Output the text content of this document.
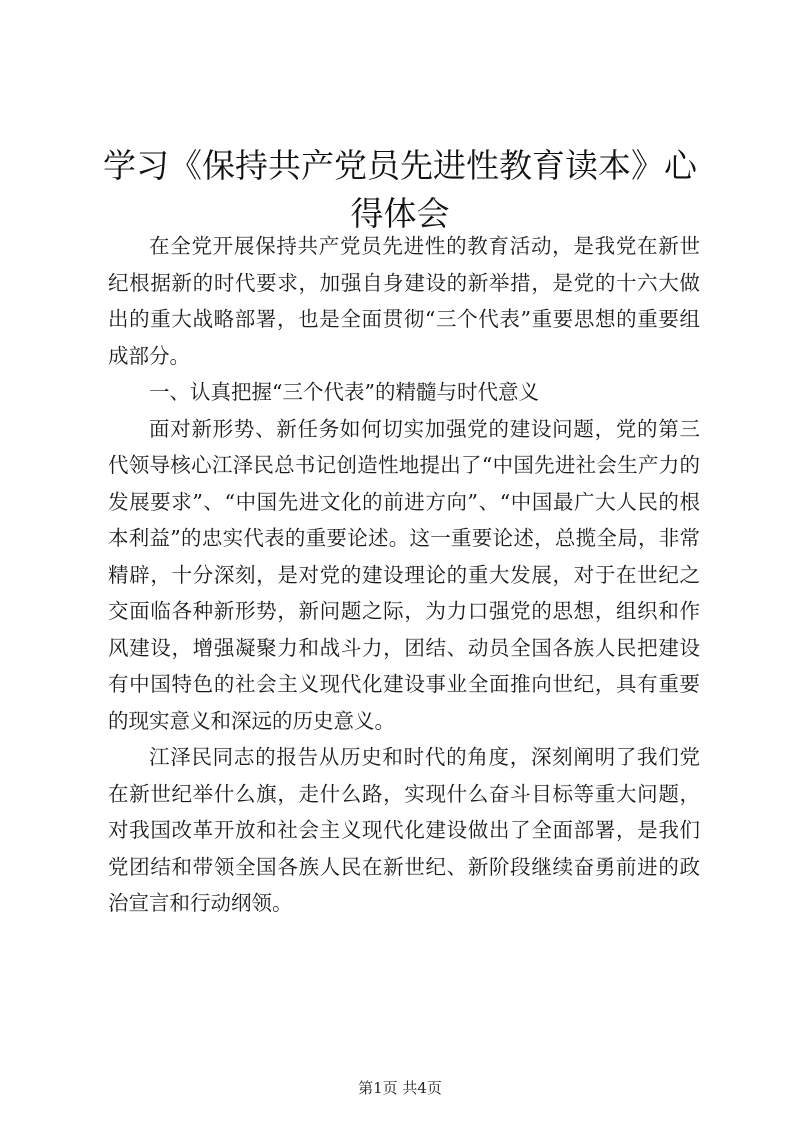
学习《保持共产党员先进性教育读本》心得体会

在全党开展保持共产党员先进性的教育活动，是我党在新世纪根据新的时代要求，加强自身建设的新举措，是党的十六大做出的重大战略部署，也是全面贯彻“三个代表”重要思想的重要组成部分。

一、认真把握“三个代表”的精髓与时代意义

面对新形势、新任务如何切实加强党的建设问题，党的第三代领导核心江泽民总书记创造性地提出了“中国先进社会生产力的发展要求”、“中国先进文化的前进方向”、“中国最广大人民的根本利益”的忠实代表的重要论述。这一重要论述，总揽全局，非常精辟，十分深刻，是对党的建设理论的重大发展，对于在世纪之交面临各种新形势，新问题之际，为力口强党的思想，组织和作风建设，增强凝聚力和战斗力，团结、动员全国各族人民把建设有中国特色的社会主义现代化建设事业全面推向世纪，具有重要的现实意义和深远的历史意义。

江泽民同志的报告从历史和时代的角度，深刻阐明了我们党在新世纪举什么旗，走什么路，实现什么奋斗目标等重大问题，对我国改革开放和社会主义现代化建设做出了全面部署，是我们党团结和带领全国各族人民在新世纪、新阶段继续奋勇前进的政治宣言和行动纲领。

第1页 共4页
